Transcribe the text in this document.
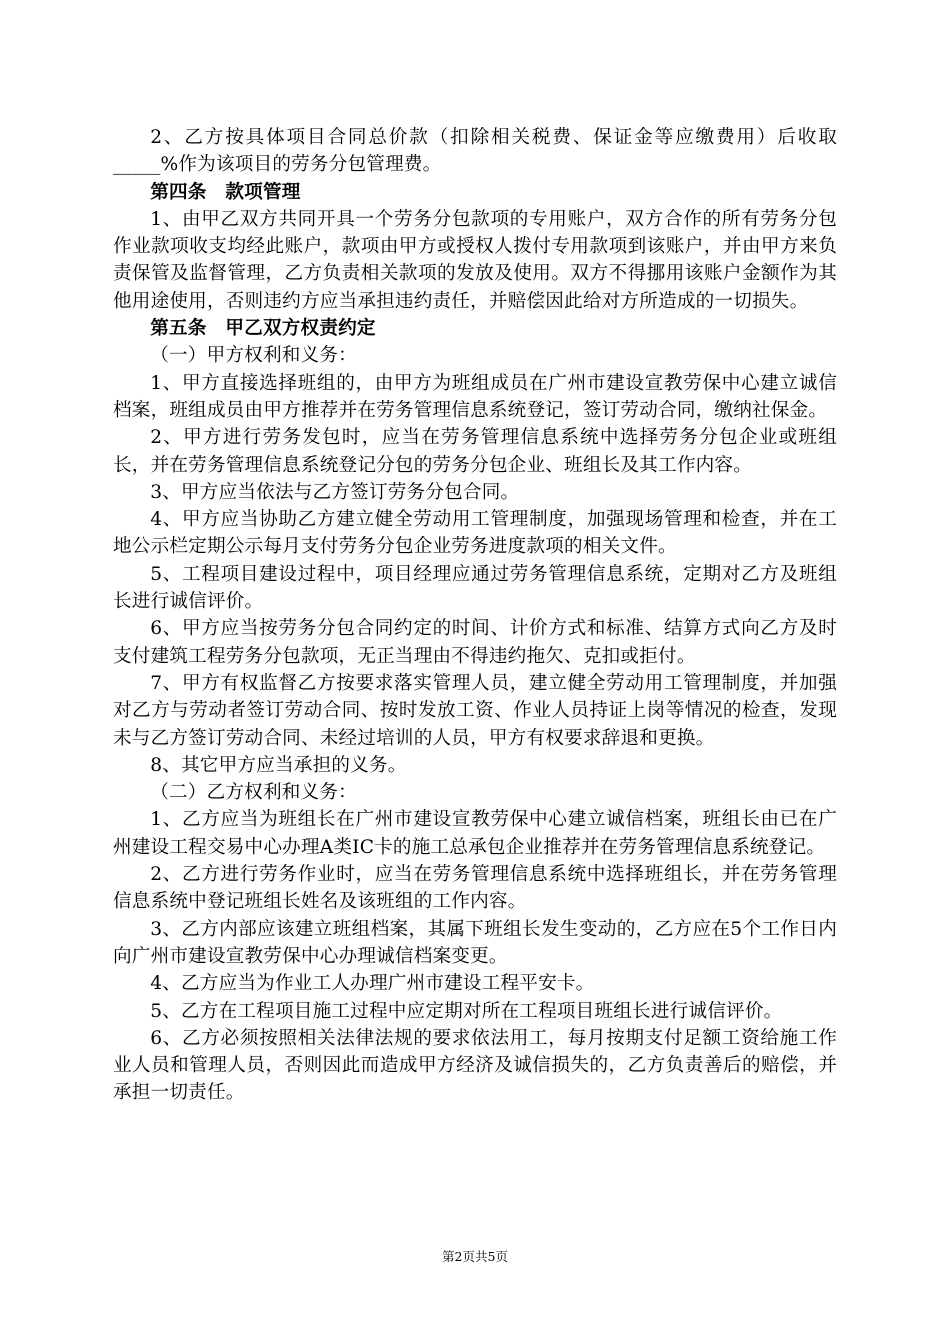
2、乙方按具体项目合同总价款（扣除相关税费、保证金等应缴费用）后收取_____%作为该项目的劳务分包管理费。

第四条　款项管理

1、由甲乙双方共同开具一个劳务分包款项的专用账户，双方合作的所有劳务分包作业款项收支均经此账户，款项由甲方或授权人拨付专用款项到该账户，并由甲方来负责保管及监督管理，乙方负责相关款项的发放及使用。双方不得挪用该账户金额作为其他用途使用，否则违约方应当承担违约责任，并赔偿因此给对方所造成的一切损失。

第五条　甲乙双方权责约定

（一）甲方权利和义务：

1、甲方直接选择班组的，由甲方为班组成员在广州市建设宣教劳保中心建立诚信档案，班组成员由甲方推荐并在劳务管理信息系统登记，签订劳动合同，缴纳社保金。

2、甲方进行劳务发包时，应当在劳务管理信息系统中选择劳务分包企业或班组长，并在劳务管理信息系统登记分包的劳务分包企业、班组长及其工作内容。

3、甲方应当依法与乙方签订劳务分包合同。

4、甲方应当协助乙方建立健全劳动用工管理制度，加强现场管理和检查，并在工地公示栏定期公示每月支付劳务分包企业劳务进度款项的相关文件。

5、工程项目建设过程中，项目经理应通过劳务管理信息系统，定期对乙方及班组长进行诚信评价。

6、甲方应当按劳务分包合同约定的时间、计价方式和标准、结算方式向乙方及时支付建筑工程劳务分包款项，无正当理由不得违约拖欠、克扣或拒付。

7、甲方有权监督乙方按要求落实管理人员，建立健全劳动用工管理制度，并加强对乙方与劳动者签订劳动合同、按时发放工资、作业人员持证上岗等情况的检查，发现未与乙方签订劳动合同、未经过培训的人员，甲方有权要求辞退和更换。

8、其它甲方应当承担的义务。

（二）乙方权利和义务：

1、乙方应当为班组长在广州市建设宣教劳保中心建立诚信档案，班组长由已在广州建设工程交易中心办理A类IC卡的施工总承包企业推荐并在劳务管理信息系统登记。

2、乙方进行劳务作业时，应当在劳务管理信息系统中选择班组长，并在劳务管理信息系统中登记班组长姓名及该班组的工作内容。

3、乙方内部应该建立班组档案，其属下班组长发生变动的，乙方应在5个工作日内向广州市建设宣教劳保中心办理诚信档案变更。

4、乙方应当为作业工人办理广州市建设工程平安卡。

5、乙方在工程项目施工过程中应定期对所在工程项目班组长进行诚信评价。

6、乙方必须按照相关法律法规的要求依法用工，每月按期支付足额工资给施工作业人员和管理人员，否则因此而造成甲方经济及诚信损失的，乙方负责善后的赔偿，并承担一切责任。

第2页共5页
